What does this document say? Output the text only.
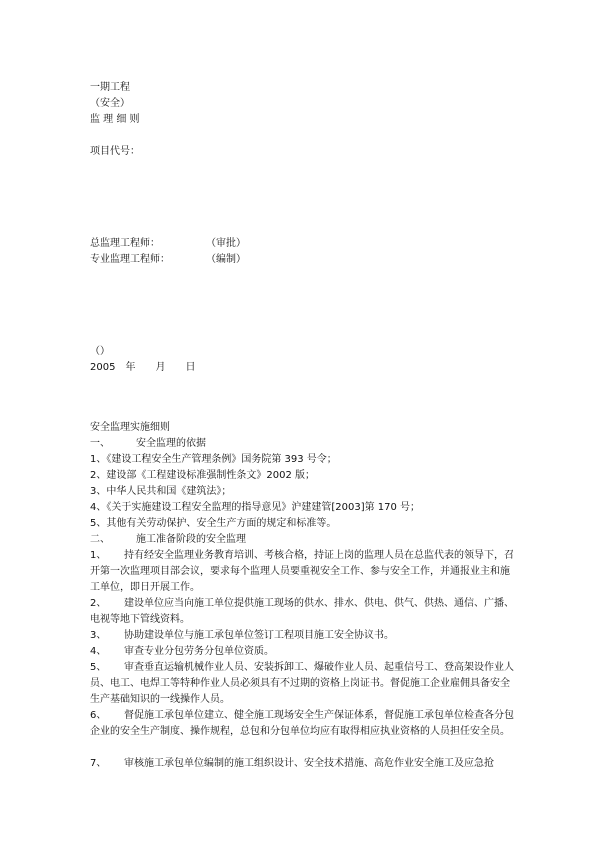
一期工程
（安全）
监 理 细 则
项目代号：
总监理工程师：	（审批）
专业监理工程师：	（编制）
（）
2005 年 月 日
安全监理实施细则
一、	安全监理的依据
1、《建设工程安全生产管理条例》国务院第 393 号令；
2、建设部《工程建设标准强制性条文》2002 版；
3、中华人民共和国《建筑法》；
4、《关于实施建设工程安全监理的指导意见》沪建建管[2003]第 170 号；
5、其他有关劳动保护、安全生产方面的规定和标准等。
二、	施工准备阶段的安全监理
1、 持有经安全监理业务教育培训、考核合格，持证上岗的监理人员在总监代表的领导下，召开第一次监理项目部会议，要求每个监理人员要重视安全工作、参与安全工作，并通报业主和施工单位，即日开展工作。
2、 建设单位应当向施工单位提供施工现场的供水、排水、供电、供气、供热、通信、广播、电视等地下管线资料。
3、 协助建设单位与施工承包单位签订工程项目施工安全协议书。
4、 审查专业分包劳务分包单位资质。
5、 审查垂直运输机械作业人员、安装拆卸工、爆破作业人员、起重信号工、登高架设作业人员、电工、电焊工等特种作业人员必须具有不过期的资格上岗证书。督促施工企业雇佣具备安全生产基础知识的一线操作人员。
6、 督促施工承包单位建立、健全施工现场安全生产保证体系，督促施工承包单位检查各分包企业的安全生产制度、操作规程，总包和分包单位均应有取得相应执业资格的人员担任安全员。
7、 审核施工承包单位编制的施工组织设计、安全技术措施、高危作业安全施工及应急抢
